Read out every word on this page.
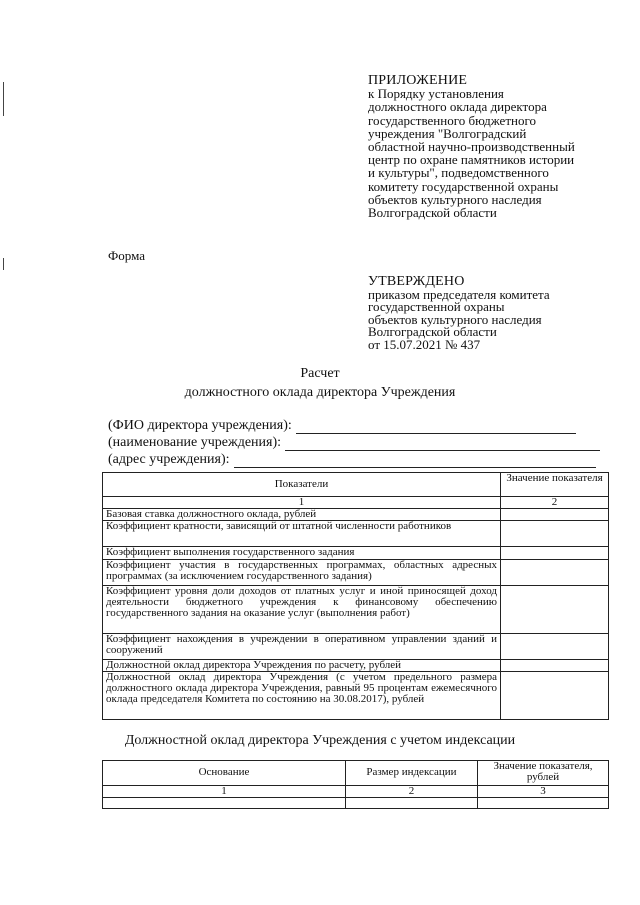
ПРИЛОЖЕНИЕ
к Порядку установления
должностного оклада директора
государственного бюджетного
учреждения "Волгоградский
областной научно-производственный
центр по охране памятников истории
и культуры", подведомственного
комитету государственной охраны
объектов культурного наследия
Волгоградской области
Форма
УТВЕРЖДЕНО
приказом председателя комитета
государственной охраны
объектов культурного наследия
Волгоградской области
от 15.07.2021 № 437
Расчет
должностного оклада директора Учреждения
(ФИО директора учреждения):
(наименование учреждения):
(адрес учреждения):
Показатели	Значение показателя
1	2
Базовая ставка должностного оклада, рублей	
Коэффициент кратности, зависящий от штатной численности работников	
Коэффициент выполнения государственного задания	
Коэффициент участия в государственных программах, областных адресных программах (за исключением государственного задания)	
Коэффициент уровня доли доходов от платных услуг и иной приносящей доход деятельности бюджетного учреждения к финансовому обеспечению государственного задания на оказание услуг (выполнения работ)	
Коэффициент нахождения в учреждении в оперативном управлении зданий и сооружений	
Должностной оклад директора Учреждения по расчету, рублей	
Должностной оклад директора Учреждения (с учетом предельного размера должностного оклада директора Учреждения, равный 95 процентам ежемесячного оклада председателя Комитета по состоянию на 30.08.2017), рублей	
Должностной оклад директора Учреждения с учетом индексации
Основание	Размер индексации	Значение показателя, рублей
1	2	3
